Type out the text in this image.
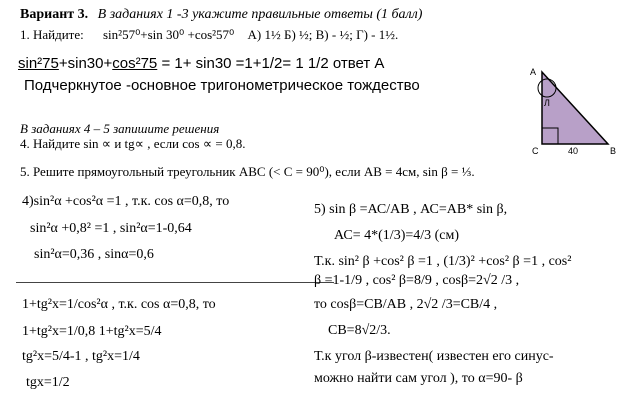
Вариант 3. В заданиях 1 -3 укажите правильные ответы (1 балл)
1. Найдите: sin²57⁰+sin 30⁰ +cos²57⁰ А) 1½ Б) ½; В) - ½; Г) - 1½.
sin²75+sin30+cos²75 = 1+ sin30 =1+1/2= 1 1/2 ответ А
Подчеркнутое -основное тригонометрическое тождество
В заданиях 4 – 5 запишите решения
4. Найдите sin ∝ и tg∝ , если cos ∝ = 0,8.
5. Решите прямоугольный треугольник АВС (< С = 90⁰), если АВ = 4см, sin β = ⅓.
Л
A
C	40	B
4)sin²α +cos²α =1 , т.к. cos α=0,8, то
sin²α +0,8² =1 , sin²α=1-0,64
sin²α=0,36 , sinα=0,6
1+tg²x=1/cos²α , т.к. cos α=0,8, то
1+tg²x=1/0,8 1+tg²x=5/4
tg²x=5/4-1 , tg²x=1/4
tgx=1/2
5) sin β =АС/АВ , АС=АВ* sin β,
АС= 4*(1/3)=4/3 (см)
Т.к. sin² β +cos² β =1 , (1/3)² +cos² β =1 , cos²
β =1-1/9 , cos² β=8/9 , cosβ=2√2 /3 ,
то cosβ=СВ/АВ , 2√2 /3=СВ/4 ,
СВ=8√2/3.
Т.к угол β-известен( известен его синус-
можно найти сам угол ), то α=90- β
